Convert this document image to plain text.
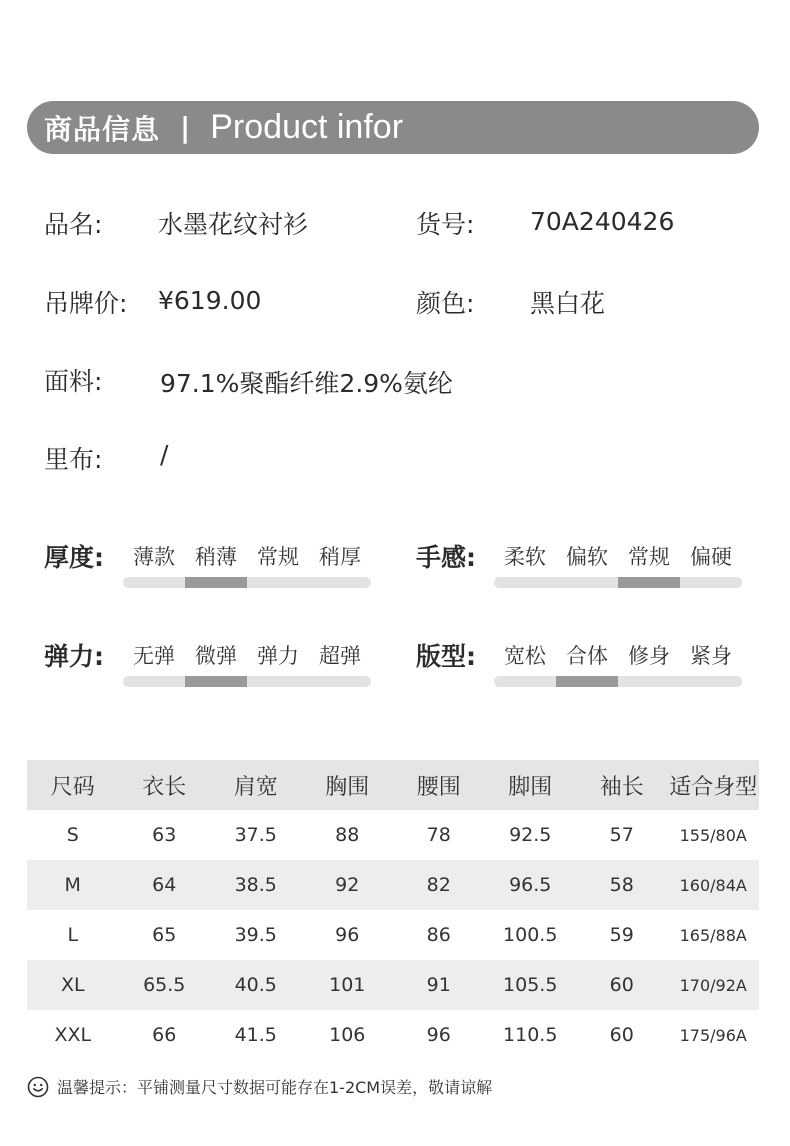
商品信息 | Product infor
品名: 水墨花纹衬衫	货号: 70A240426
吊牌价: ¥619.00	颜色: 黑白花
面料: 97.1%聚酯纤维2.9%氨纶
里布: /
厚度:	薄款 稍薄 常规 稍厚	手感:	柔软 偏软 常规 偏硬
弹力:	无弹 微弹 弹力 超弹	版型:	宽松 合体 修身 紧身
尺码	衣长	肩宽	胸围	腰围	脚围	袖长	适合身型
S	63	37.5	88	78	92.5	57	155/80A
M	64	38.5	92	82	96.5	58	160/84A
L	65	39.5	96	86	100.5	59	165/88A
XL	65.5	40.5	101	91	105.5	60	170/92A
XXL	66	41.5	106	96	110.5	60	175/96A
温馨提示：平铺测量尺寸数据可能存在1-2CM误差，敬请谅解
